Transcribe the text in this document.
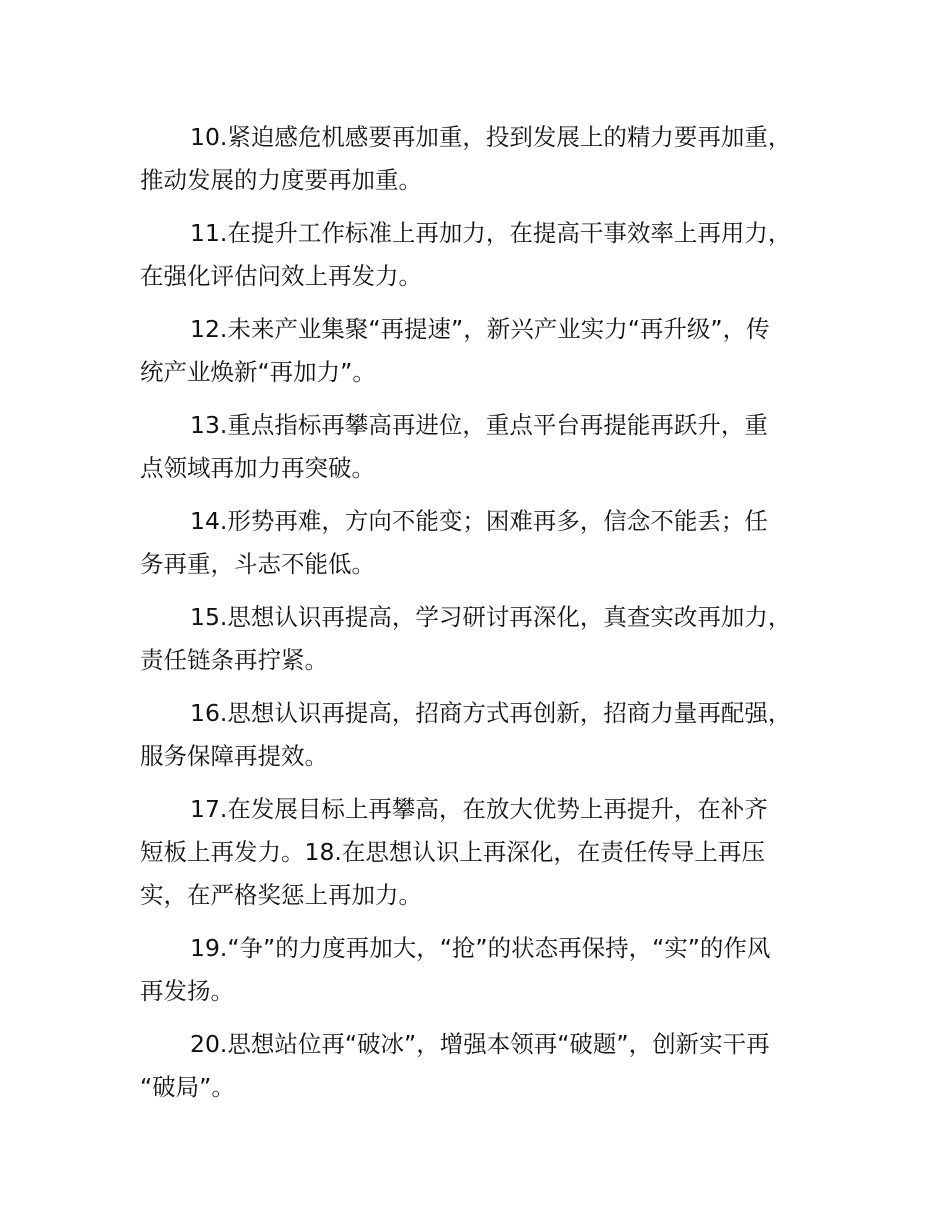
10.紧迫感危机感要再加重，投到发展上的精力要再加重，
推动发展的力度要再加重。
11.在提升工作标准上再加力，在提高干事效率上再用力，
在强化评估问效上再发力。
12.未来产业集聚“再提速”，新兴产业实力“再升级”，传
统产业焕新“再加力”。
13.重点指标再攀高再进位，重点平台再提能再跃升，重
点领域再加力再突破。
14.形势再难，方向不能变；困难再多，信念不能丢；任
务再重，斗志不能低。
15.思想认识再提高，学习研讨再深化，真查实改再加力，
责任链条再拧紧。
16.思想认识再提高，招商方式再创新，招商力量再配强，
服务保障再提效。
17.在发展目标上再攀高，在放大优势上再提升，在补齐
短板上再发力。18.在思想认识上再深化，在责任传导上再压
实，在严格奖惩上再加力。
19.“争”的力度再加大，“抢”的状态再保持，“实”的作风
再发扬。
20.思想站位再“破冰”，增强本领再“破题”，创新实干再
“破局”。
